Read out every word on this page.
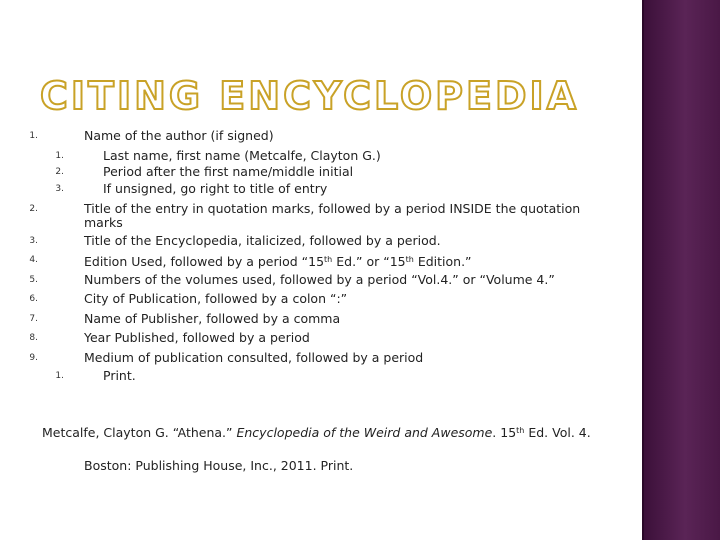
CITING ENCYCLOPEDIA
1.	Name of the author (if signed)
1.	Last name, first name (Metcalfe, Clayton G.)
2.	Period after the first name/middle initial
3.	If unsigned, go right to title of entry
2.	Title of the entry in quotation marks, followed by a period INSIDE the quotation marks
3.	Title of the Encyclopedia, italicized, followed by a period.
4.	Edition Used, followed by a period “15th Ed.” or “15th Edition.”
5.	Numbers of the volumes used, followed by a period “Vol.4.” or “Volume 4.”
6.	City of Publication, followed by a colon “:”
7.	Name of Publisher, followed by a comma
8.	Year Published, followed by a period
9.	Medium of publication consulted, followed by a period
1.	Print.
Metcalfe, Clayton G. “Athena.” Encyclopedia of the Weird and Awesome. 15th Ed. Vol. 4.
Boston: Publishing House, Inc., 2011. Print.
